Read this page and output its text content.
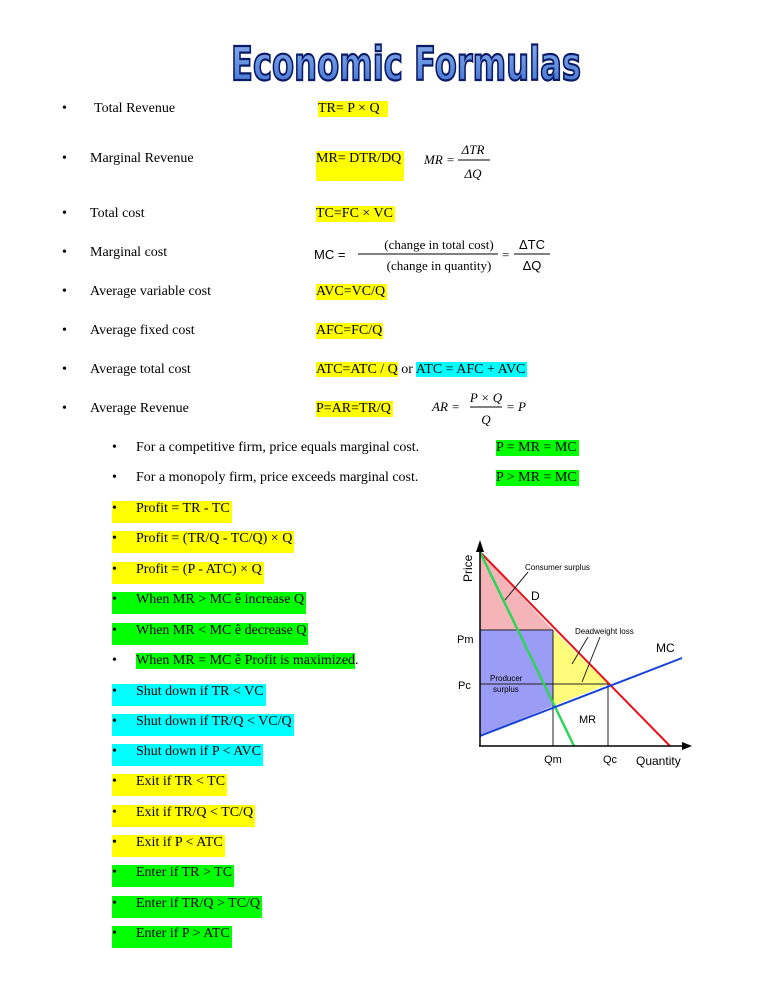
Economic Formulas
• Total Revenue	TR= P × Q
• Marginal Revenue	MR= DTR/DQ MR =
ΔTR
ΔQ
• Total cost	TC=FC × VC
• Marginal cost	MC =
(change in total cost)
(change in quantity)
=
ΔTC
ΔQ
• Average variable cost	AVC=VC/Q
• Average fixed cost	AFC=FC/Q
• Average total cost	ATC=ATC / Q or ATC = AFC + AVC
• Average Revenue	P=AR=TR/Q	AR =
P × Q
Q
= P
• For a competitive firm, price equals marginal cost.	P = MR = MC
• For a monopoly firm, price exceeds marginal cost.	P > MR = MC
• Profit = TR - TC
• Profit = (TR/Q - TC/Q) × Q
• Profit = (P - ATC) × Q
• When MR > MC ê increase Q
• When MR < MC ê decrease Q
• When MR = MC ê Profit is maximized.
• Shut down if TR < VC
• Shut down if TR/Q < VC/Q
• Shut down if P < AVC
• Exit if TR < TC
• Exit if TR/Q < TC/Q
• Exit if P < ATC
• Enter if TR > TC
• Enter if TR/Q > TC/Q
• Enter if P > ATC
Price
Quantity
Pm
Pc
Qm	Qc
D
MR
MC
Consumer surplus
Deadweight loss
Producer
surplus
